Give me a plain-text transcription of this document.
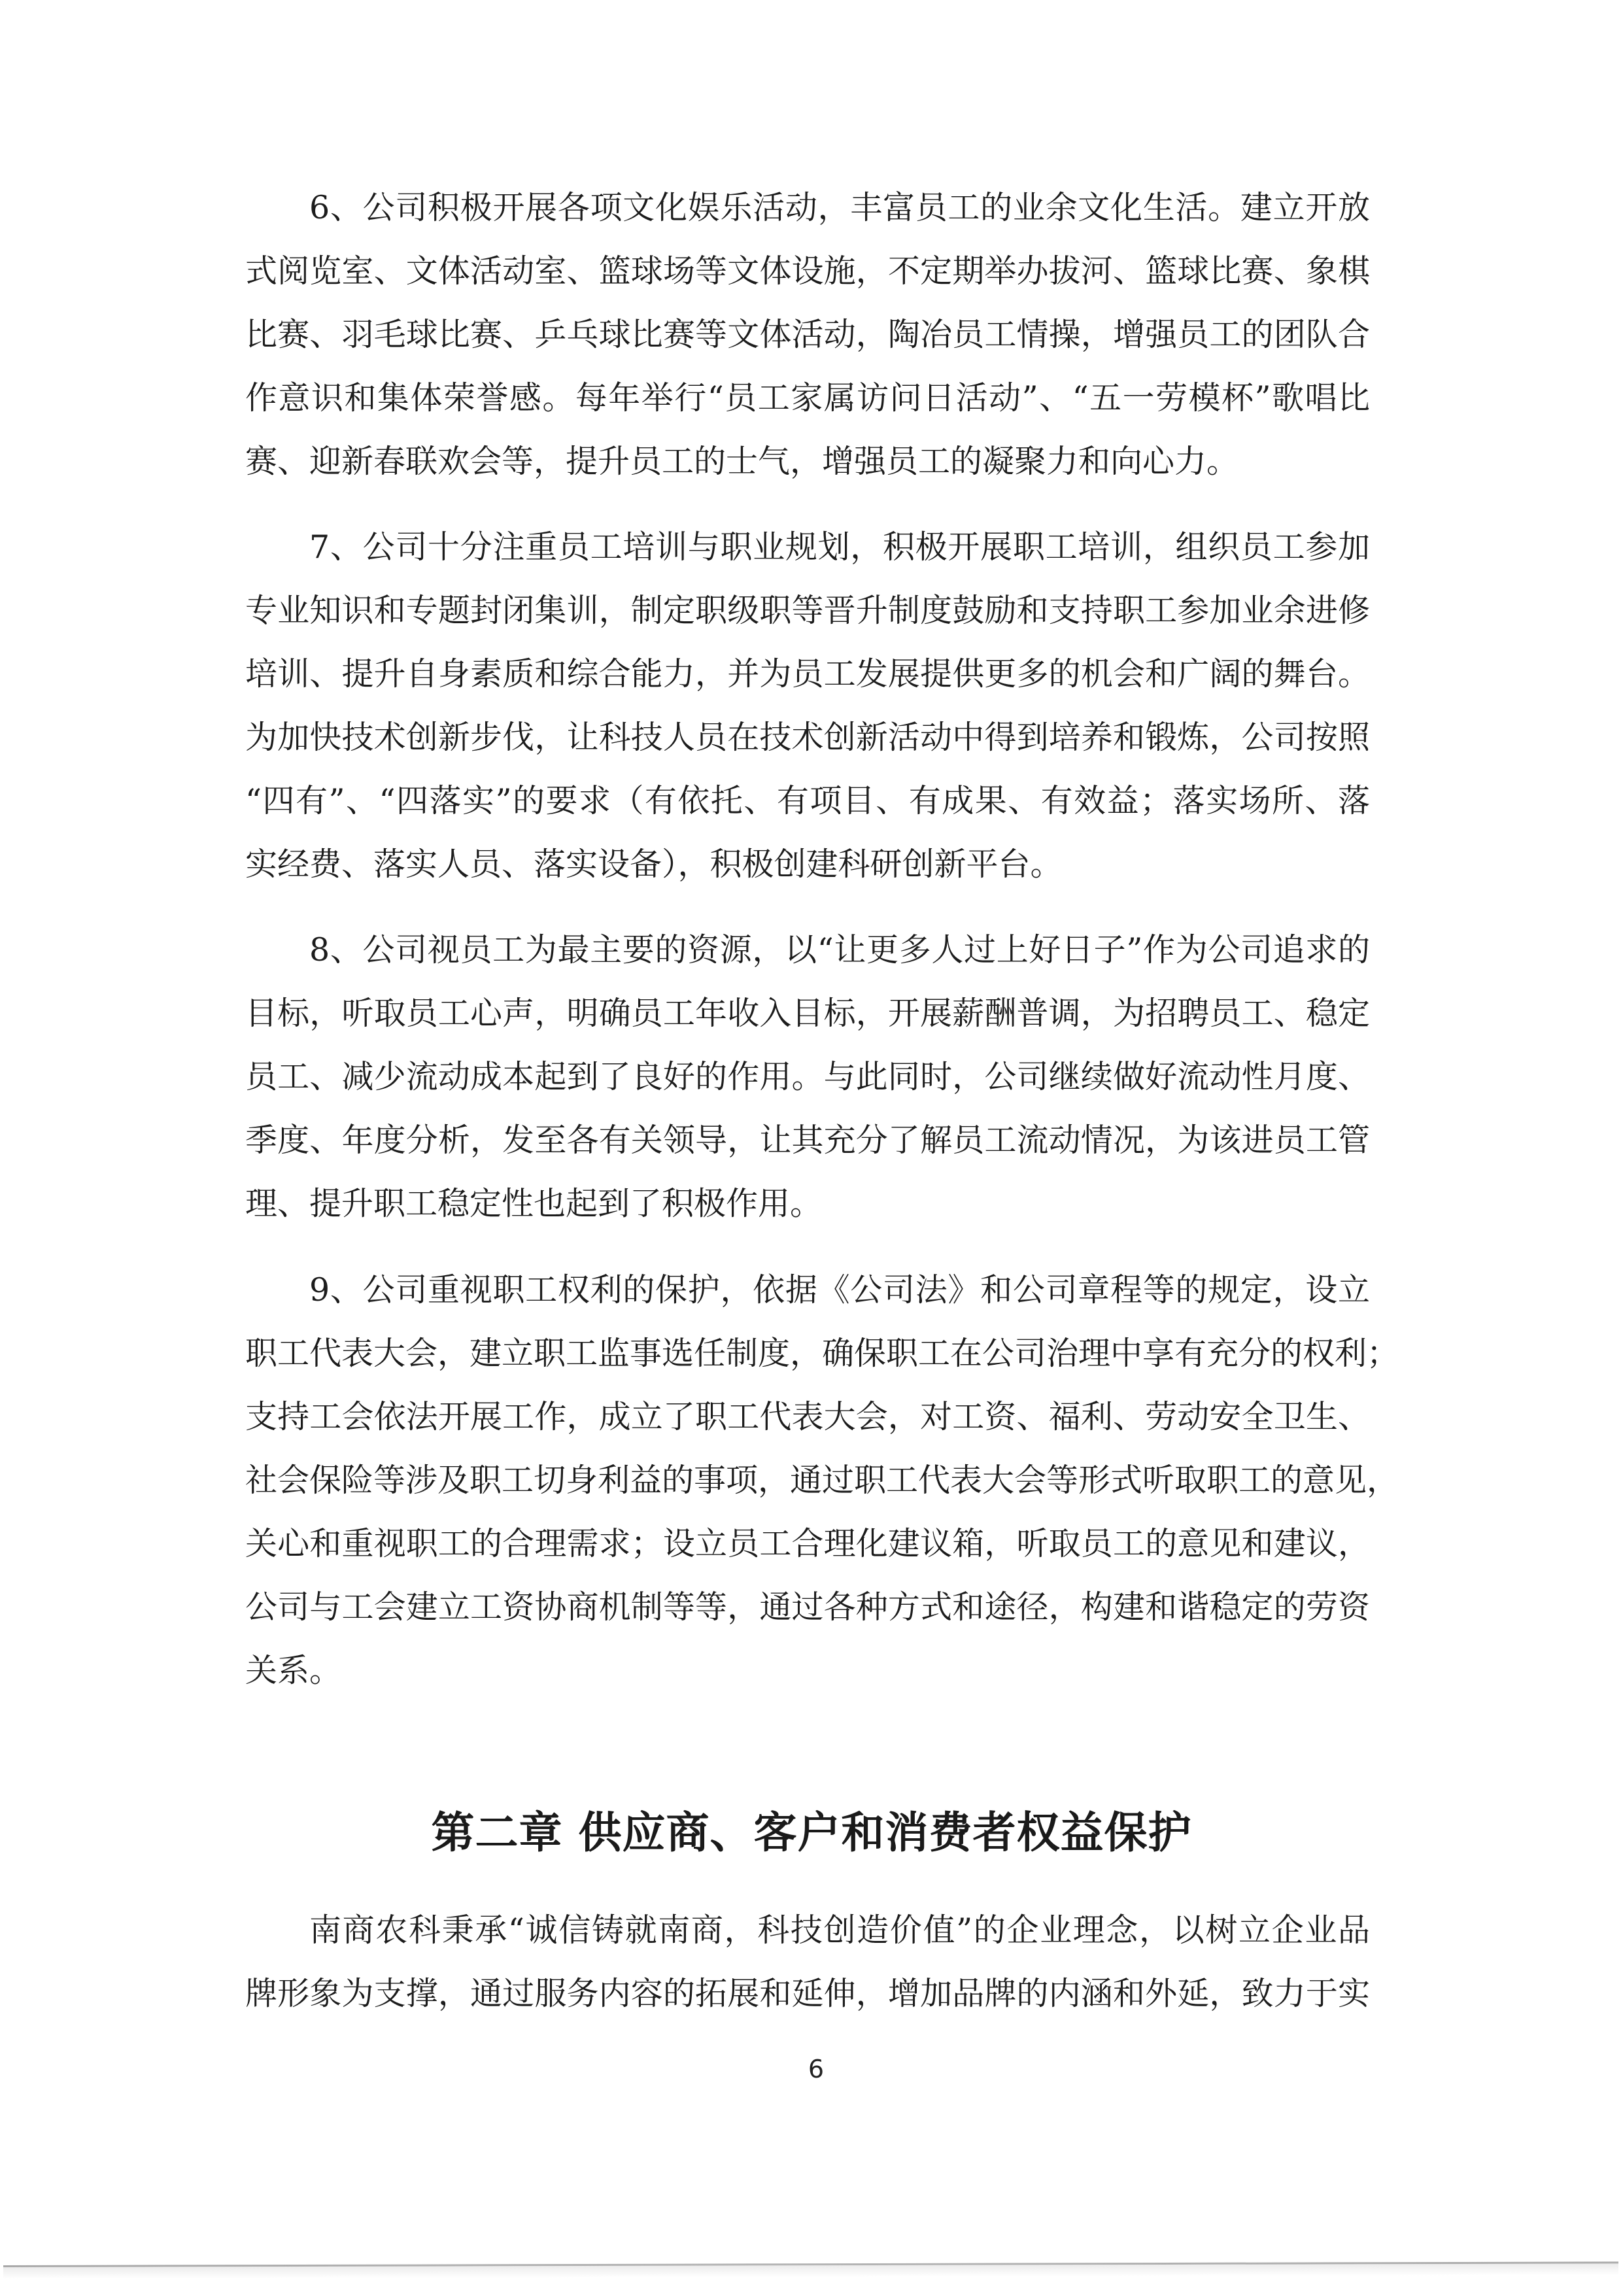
6、公司积极开展各项文化娱乐活动，丰富员工的业余文化生活。建立开放
式阅览室、文体活动室、篮球场等文体设施，不定期举办拔河、篮球比赛、象棋
比赛、羽毛球比赛、乒乓球比赛等文体活动，陶冶员工情操，增强员工的团队合
作意识和集体荣誉感。每年举行“员工家属访问日活动”、“五一劳模杯”歌唱比
赛、迎新春联欢会等，提升员工的士气，增强员工的凝聚力和向心力。
7、公司十分注重员工培训与职业规划，积极开展职工培训，组织员工参加
专业知识和专题封闭集训，制定职级职等晋升制度鼓励和支持职工参加业余进修
培训、提升自身素质和综合能力，并为员工发展提供更多的机会和广阔的舞台。
为加快技术创新步伐，让科技人员在技术创新活动中得到培养和锻炼，公司按照
“四有”、“四落实”的要求（有依托、有项目、有成果、有效益；落实场所、落
实经费、落实人员、落实设备），积极创建科研创新平台。
8、公司视员工为最主要的资源，以“让更多人过上好日子”作为公司追求的
目标，听取员工心声，明确员工年收入目标，开展薪酬普调，为招聘员工、稳定
员工、减少流动成本起到了良好的作用。与此同时，公司继续做好流动性月度、
季度、年度分析，发至各有关领导，让其充分了解员工流动情况，为该进员工管
理、提升职工稳定性也起到了积极作用。
9、公司重视职工权利的保护，依据《公司法》和公司章程等的规定，设立
职工代表大会，建立职工监事选任制度，确保职工在公司治理中享有充分的权利；
支持工会依法开展工作，成立了职工代表大会，对工资、福利、劳动安全卫生、
社会保险等涉及职工切身利益的事项，通过职工代表大会等形式听取职工的意见，
关心和重视职工的合理需求；设立员工合理化建议箱，听取员工的意见和建议，
公司与工会建立工资协商机制等等，通过各种方式和途径，构建和谐稳定的劳资
关系。
第二章 供应商、客户和消费者权益保护
南商农科秉承“诚信铸就南商，科技创造价值”的企业理念，以树立企业品
牌形象为支撑，通过服务内容的拓展和延伸，增加品牌的内涵和外延，致力于实
6
